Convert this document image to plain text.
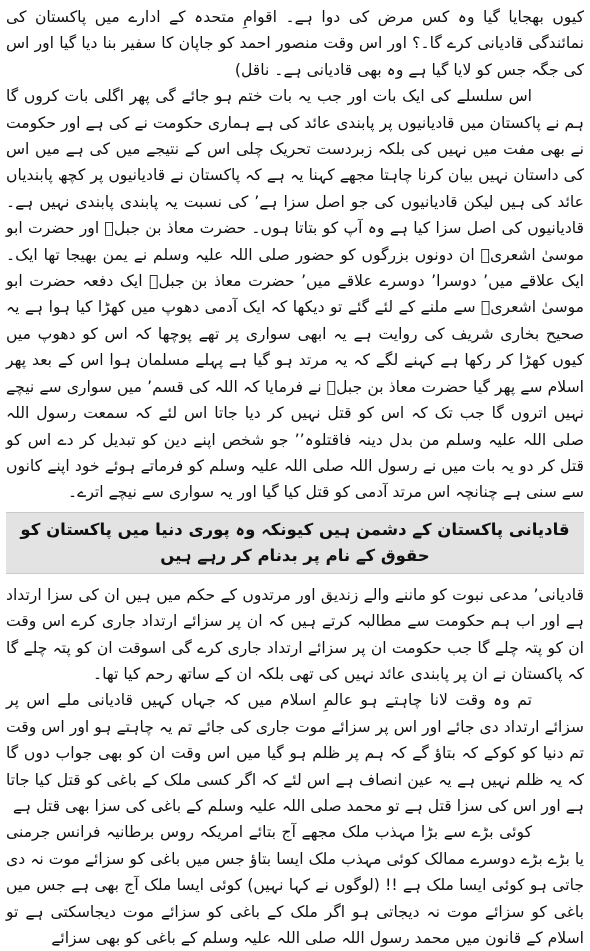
کیوں بھجایا گیا وہ کس مرض کی دوا ہے۔ اقوامِ متحدہ کے ادارے میں پاکستان کی نمائندگی قادیانی کرے گا۔؟ اور اس وقت منصور احمد کو جاپان کا سفیر بنا دیا گیا اور اس کی جگہ جس کو لایا گیا ہے وہ بھی قادیانی ہے۔ ناقل)

اس سلسلے کی ایک بات اور جب یہ بات ختم ہو جائے گی پھر اگلی بات کروں گا ہم نے پاکستان میں قادیانیوں پر پابندی عائد کی ہے ہماری حکومت نے کی ہے اور حکومت نے بھی مفت میں نہیں کی بلکہ زبردست تحریک چلی اس کے نتیجے میں کی ہے میں اس کی داستان نہیں بیان کرنا چاہتا مجھے کہنا یہ ہے کہ پاکستان نے قادیانیوں پر کچھ پابندیاں عائد کی ہیں لیکن قادیانیوں کی جو اصل سزا ہے’ کی نسبت یہ پابندی پابندی نہیں ہے۔ قادیانیوں کی اصل سزا کیا ہے وہ آپ کو بتاتا ہوں۔ حضرت معاذ بن جبلؓ اور حضرت ابو موسیٰ اشعریؓ ان دونوں بزرگوں کو حضور صلی اللہ علیہ وسلم نے یمن بھیجا تھا ایک۔ ایک علاقے میں’ دوسرا’ دوسرے علاقے میں’ حضرت معاذ بن جبلؓ ایک دفعہ حضرت ابو موسیٰ اشعریؓ سے ملنے کے لئے گئے تو دیکھا کہ ایک آدمی دھوپ میں کھڑا کیا ہوا ہے یہ صحیح بخاری شریف کی روایت ہے یہ ابھی سواری پر تھے پوچھا کہ اس کو دھوپ میں کیوں کھڑا کر رکھا ہے کہنے لگے کہ یہ مرتد ہو گیا ہے پہلے مسلمان ہوا اس کے بعد پھر اسلام سے پھر گیا حضرت معاذ بن جبلؓ نے فرمایا کہ اللہ کی قسم’ میں سواری سے نیچے نہیں اتروں گا جب تک کہ اس کو قتل نہیں کر دیا جاتا اس لئے کہ سمعت رسول اللہ صلی اللہ علیہ وسلم من بدل دینہ فاقتلوہ’’ جو شخص اپنے دین کو تبدیل کر دے اس کو قتل کر دو یہ بات میں نے رسول اللہ صلی اللہ علیہ وسلم کو فرماتے ہوئے خود اپنے کانوں سے سنی ہے چنانچہ اس مرتد آدمی کو قتل کیا گیا اور یہ سواری سے نیچے اترے۔

قادیانی پاکستان کے دشمن ہیں کیونکہ وہ پوری دنیا میں پاکستان کو حقوق کے نام پر بدنام کر رہے ہیں

قادیانی’ مدعی نبوت کو ماننے والے زندیق اور مرتدوں کے حکم میں ہیں ان کی سزا ارتداد ہے اور اب ہم حکومت سے مطالبہ کرتے ہیں کہ ان پر سزائے ارتداد جاری کرے اس وقت ان کو پتہ چلے گا جب حکومت ان پر سزائے ارتداد جاری کرے گی اسوقت ان کو پتہ چلے گا کہ پاکستان نے ان پر پابندی عائد نہیں کی تھی بلکہ ان کے ساتھ رحم کیا تھا۔

تم وہ وقت لانا چاہتے ہو عالمِ اسلام میں کہ جہاں کہیں قادیانی ملے اس پر سزائے ارتداد دی جائے اور اس پر سزائے موت جاری کی جائے تم یہ چاہتے ہو اور اس وقت تم دنیا کو کوکے کہ بتاؤ گے کہ ہم پر ظلم ہو گیا میں اس وقت ان کو بھی جواب دوں گا کہ یہ ظلم نہیں ہے یہ عین انصاف ہے اس لئے کہ اگر کسی ملک کے باغی کو قتل کیا جاتا ہے اور اس کی سزا قتل ہے تو محمد صلی اللہ علیہ وسلم کے باغی کی سزا بھی قتل ہے

کوئی بڑے سے بڑا مہذب ملک مجھے آج بتائے امریکہ روس برطانیہ فرانس جرمنی یا بڑے بڑے دوسرے ممالک کوئی مہذب ملک ایسا بتاؤ جس میں باغی کو سزائے موت نہ دی جاتی ہو کوئی ایسا ملک ہے !! (لوگوں نے کہا نہیں) کوئی ایسا ملک آج بھی ہے جس میں باغی کو سزائے موت نہ دیجاتی ہو اگر ملک کے باغی کو سزائے موت دیجاسکتی ہے تو اسلام کے قانون میں محمد رسول اللہ صلی اللہ علیہ وسلم کے باغی کو بھی سزائے
